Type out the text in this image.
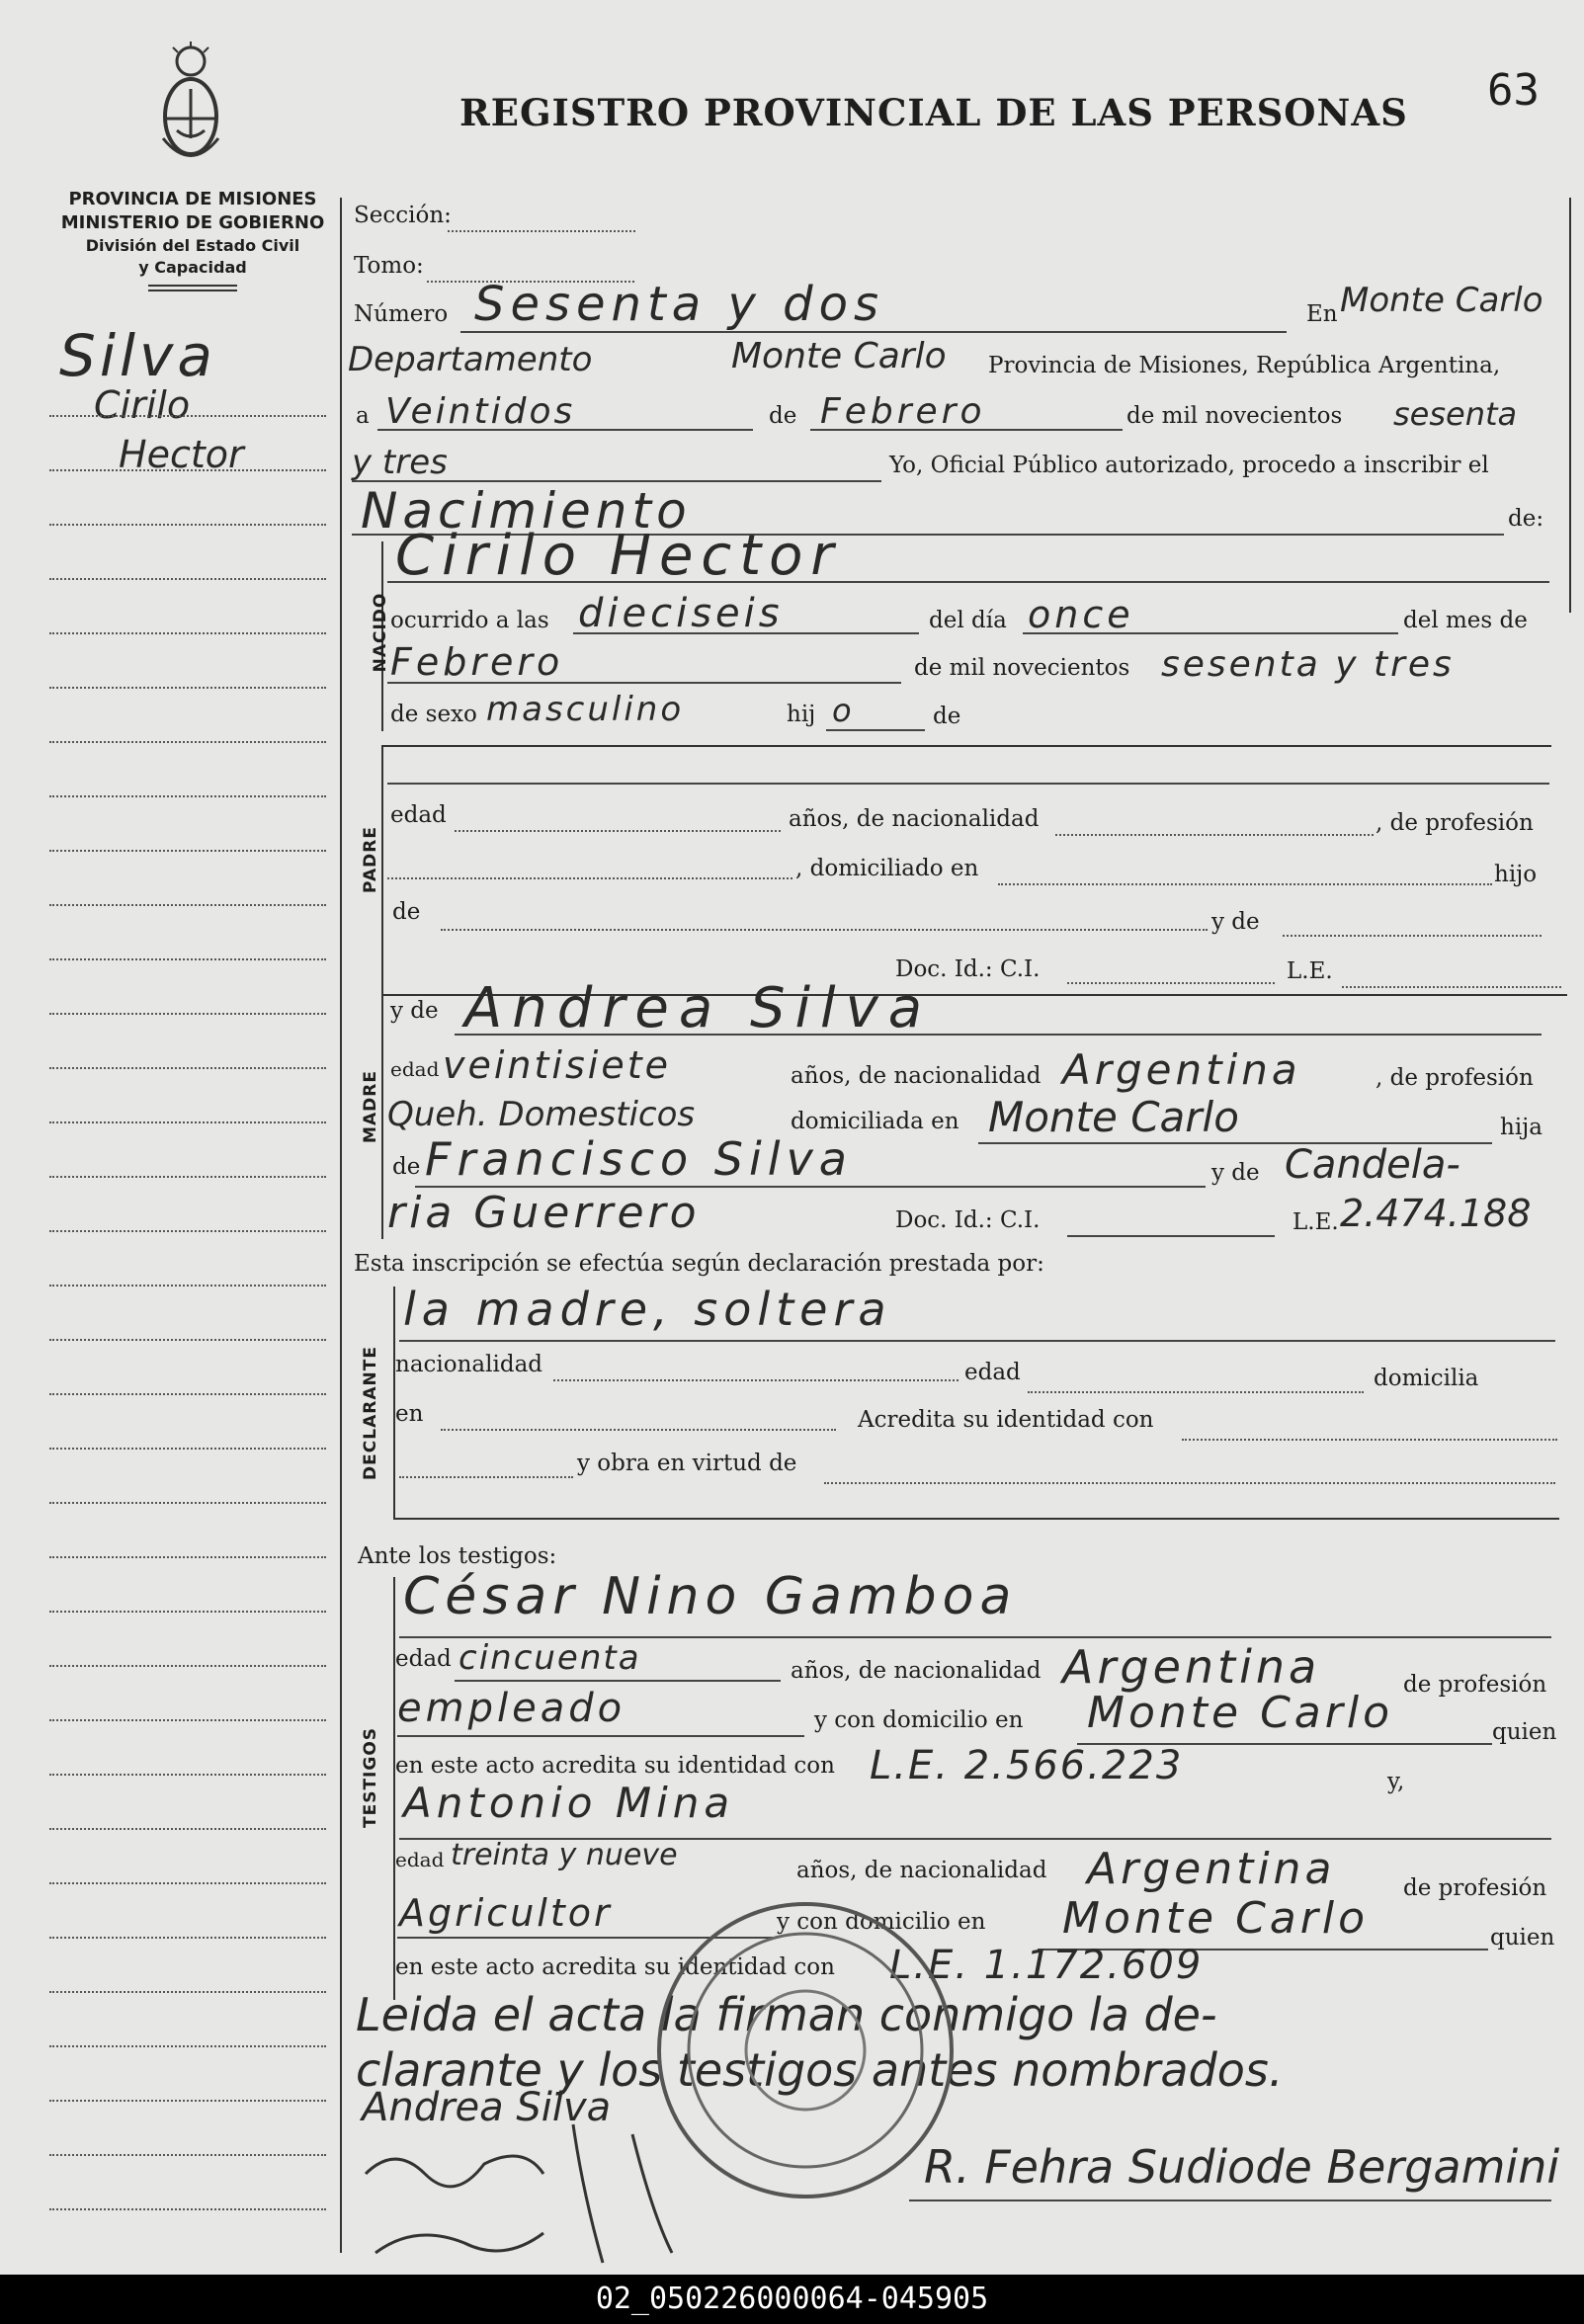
PROVINCIA DE MISIONES
MINISTERIO DE GOBIERNO
División del Estado Civil
y Capacidad
REGISTRO PROVINCIAL DE LAS PERSONAS 63
Silva
Cirilo
Hector
Sección:
Tomo:
Número Sesenta y dos	En Monte Carlo
Departamento	Monte Carlo Provincia de Misiones, República Argentina,
a Veintidos	de Febrero	de mil novecientos sesenta
y tres	Yo, Oficial Público autorizado, procedo a inscribir el
Nacimiento	de:
NACIDO
Cirilo Hector
ocurrido a las dieciseis	del día once	del mes de
Febrero	de mil novecientos sesenta y tres
de sexo masculino	hij o	de
PADRE
edad	años, de nacionalidad	, de profesión
, domiciliado en	hijo
de	y de
Doc. Id.: C.I.	L.E.
MADRE
y de Andrea Silva
edad veintisiete	años, de nacionalidad Argentina	, de profesión
Queh. Domesticos	domiciliada en Monte Carlo	hija
de Francisco Silva	y de Candela-
ria Guerrero	Doc. Id.: C.I.	L.E. 2.474.188
Esta inscripción se efectúa según declaración prestada por:
DECLARANTE
la madre, soltera
nacionalidad	edad	domicilia
en	Acredita su identidad con
y obra en virtud de
Ante los testigos:
TESTIGOS
César Nino Gamboa
edad cincuenta	años, de nacionalidad Argentina	de profesión
empleado	y con domicilio en Monte Carlo	quien
en este acto acredita su identidad con L.E. 2.566.223	y,
Antonio Mina
edad treinta y nueve	años, de nacionalidad Argentina	de profesión
Agricultor	y con domicilio en Monte Carlo	quien
en este acto acredita su identidad con L.E. 1.172.609
Leida el acta la firman conmigo la de-
clarante y los testigos antes nombrados.
Andrea Silva
R. Fehra Sudiode Bergamini
02_050226000064-045905
